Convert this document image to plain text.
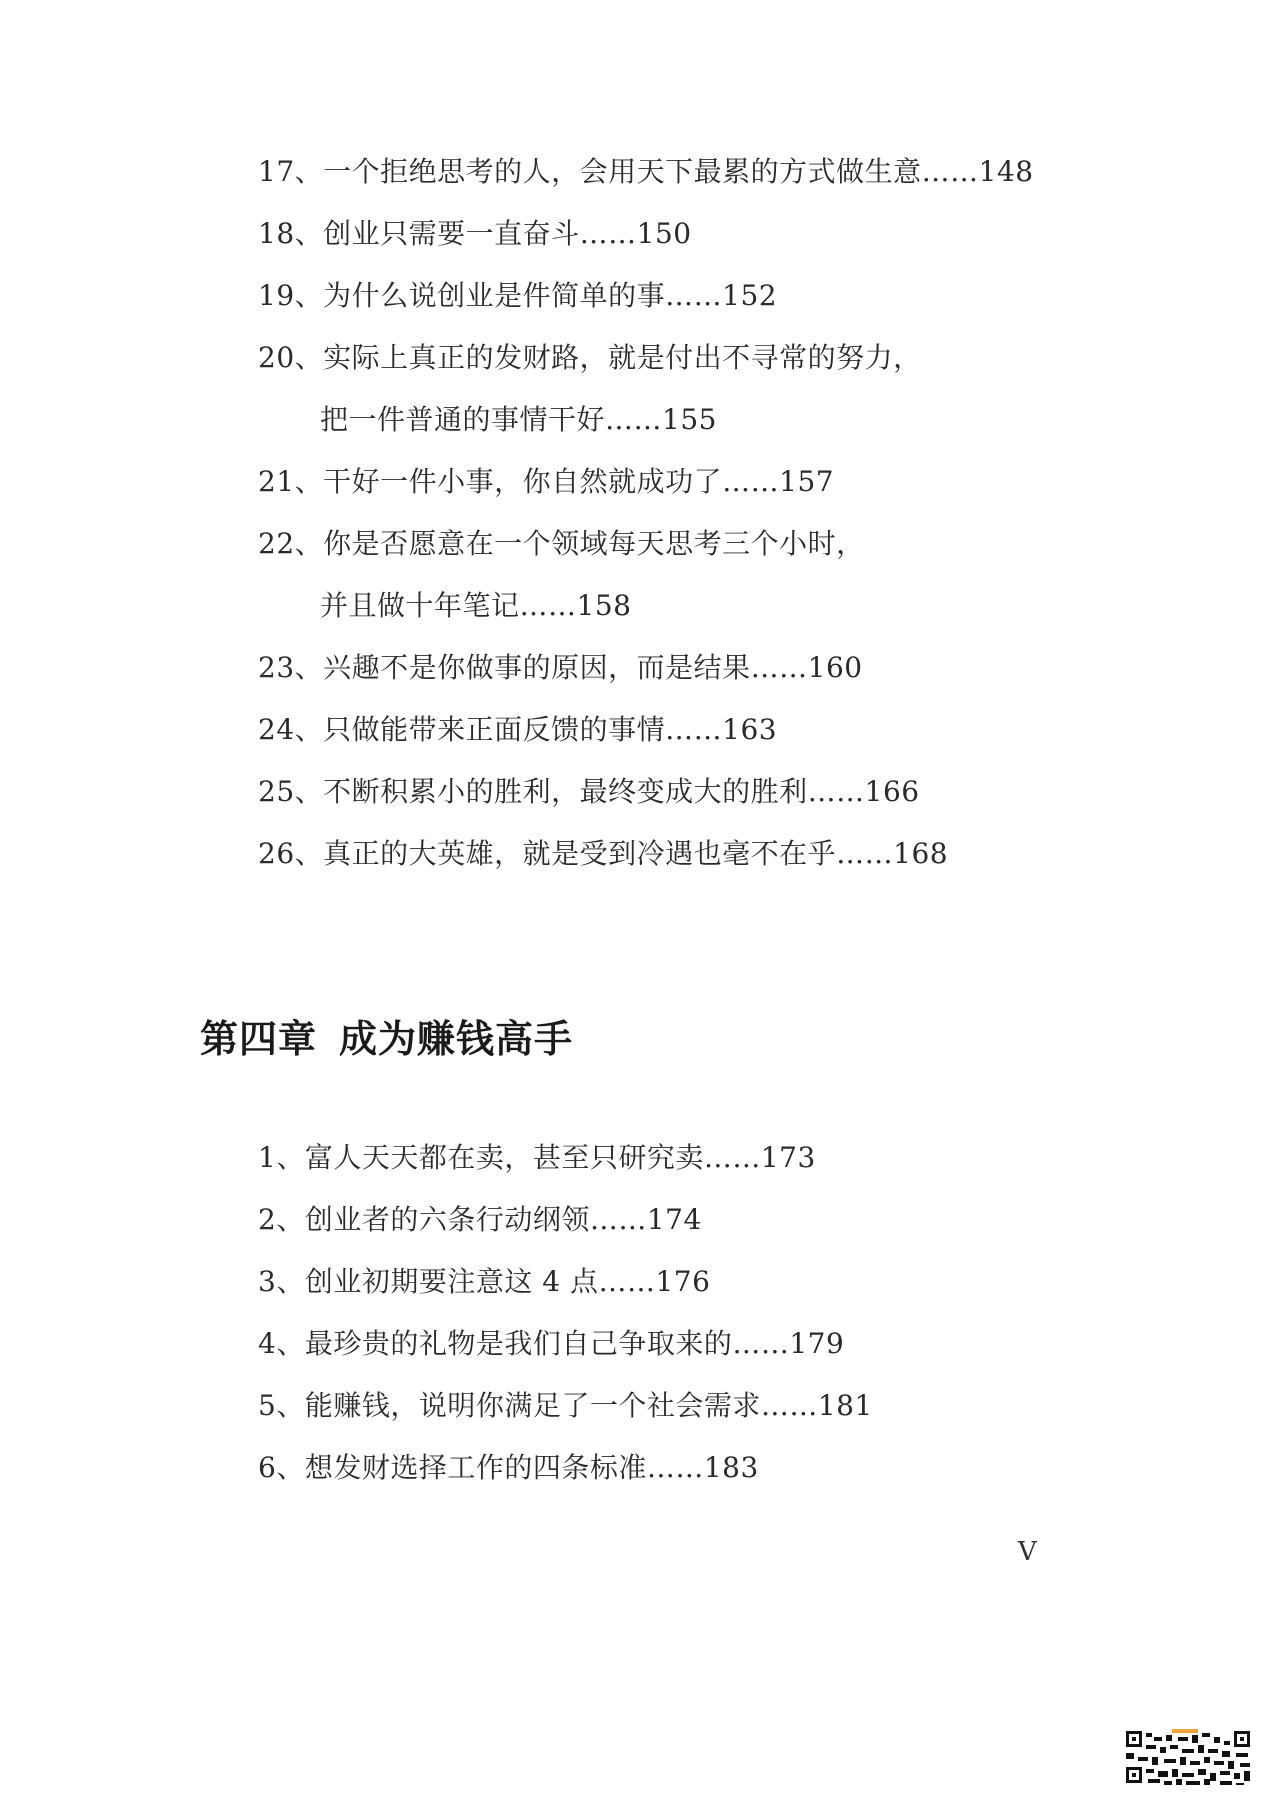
17、一个拒绝思考的人，会用天下最累的方式做生意……148
18、创业只需要一直奋斗……150
19、为什么说创业是件简单的事……152
20、实际上真正的发财路，就是付出不寻常的努力，
把一件普通的事情干好……155
21、干好一件小事，你自然就成功了……157
22、你是否愿意在一个领域每天思考三个小时，
并且做十年笔记……158
23、兴趣不是你做事的原因，而是结果……160
24、只做能带来正面反馈的事情……163
25、不断积累小的胜利，最终变成大的胜利……166
26、真正的大英雄，就是受到冷遇也毫不在乎……168
第四章 成为赚钱高手
1、富人天天都在卖，甚至只研究卖……173
2、创业者的六条行动纲领……174
3、创业初期要注意这 4 点……176
4、最珍贵的礼物是我们自己争取来的……179
5、能赚钱，说明你满足了一个社会需求……181
6、想发财选择工作的四条标准……183
V
